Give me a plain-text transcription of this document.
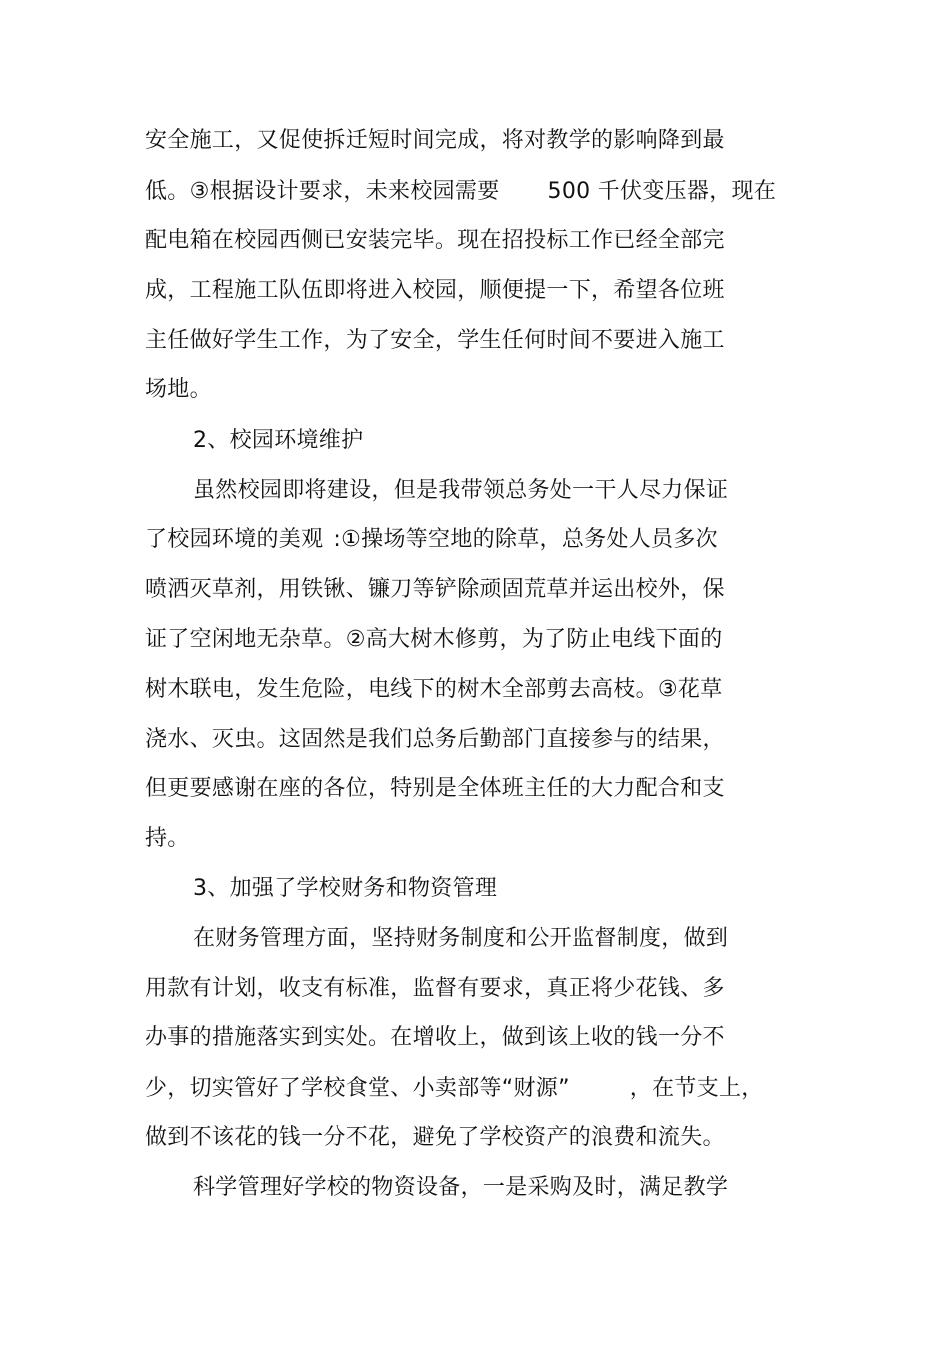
安全施工，又促使拆迁短时间完成，将对教学的影响降到最
低。③根据设计要求，未来校园需要 500 千伏变压器，现在
配电箱在校园西侧已安装完毕。现在招投标工作已经全部完
成，工程施工队伍即将进入校园，顺便提一下，希望各位班
主任做好学生工作，为了安全，学生任何时间不要进入施工
场地。
2、校园环境维护
虽然校园即将建设，但是我带领总务处一干人尽力保证
了校园环境的美观 :①操场等空地的除草，总务处人员多次
喷洒灭草剂，用铁锹、镰刀等铲除顽固荒草并运出校外，保
证了空闲地无杂草。②高大树木修剪，为了防止电线下面的
树木联电，发生危险，电线下的树木全部剪去高枝。③花草
浇水、灭虫。这固然是我们总务后勤部门直接参与的结果，
但更要感谢在座的各位，特别是全体班主任的大力配合和支
持。
3、加强了学校财务和物资管理
在财务管理方面，坚持财务制度和公开监督制度，做到
用款有计划，收支有标准，监督有要求，真正将少花钱、多
办事的措施落实到实处。在增收上，做到该上收的钱一分不
少，切实管好了学校食堂、小卖部等“财源”	，在节支上，
做到不该花的钱一分不花，避免了学校资产的浪费和流失。
科学管理好学校的物资设备，一是采购及时，满足教学
